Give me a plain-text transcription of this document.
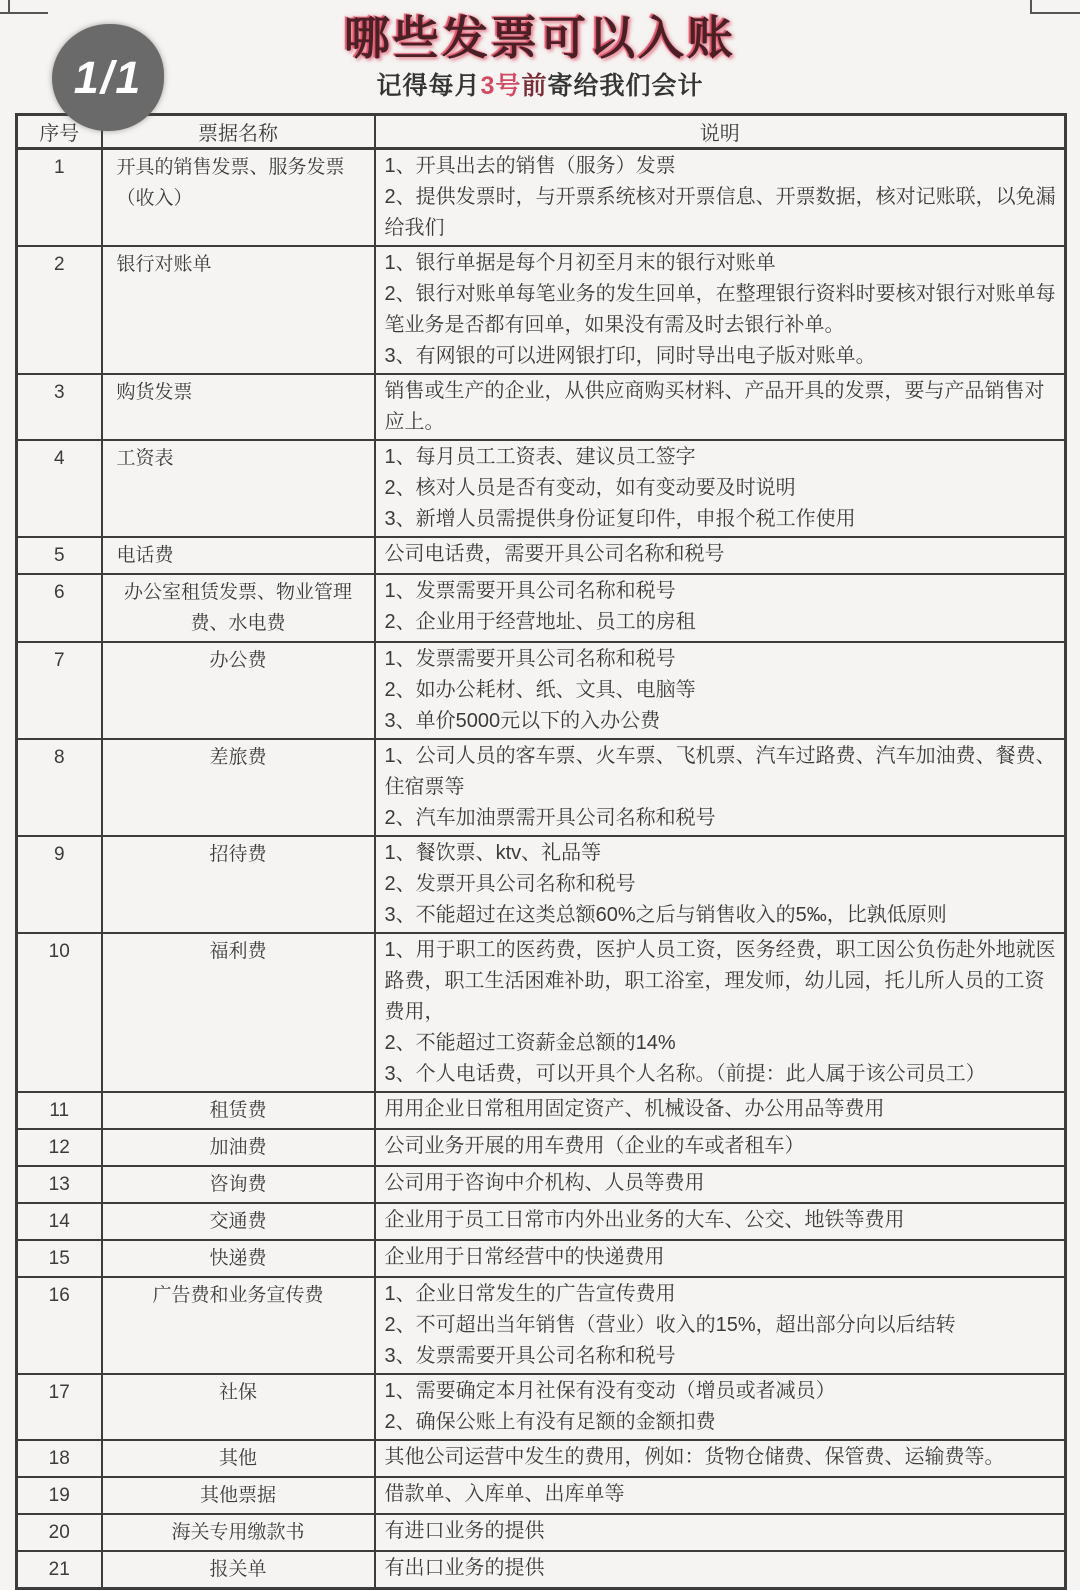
1/1
哪些发票可以入账
记得每月3号前寄给我们会计
序号	票据名称	说明
1	开具的销售发票、服务发票（收入）	1、开具出去的销售（服务）发票
2、提供发票时，与开票系统核对开票信息、开票数据，核对记账联，以免漏给我们

2	银行对账单	1、银行单据是每个月初至月末的银行对账单
2、银行对账单每笔业务的发生回单，在整理银行资料时要核对银行对账单每笔业务是否都有回单，如果没有需及时去银行补单。
3、有网银的可以进网银打印，同时导出电子版对账单。

3	购货发票	销售或生产的企业，从供应商购买材料、产品开具的发票，要与产品销售对应上。

4	工资表	1、每月员工工资表、建议员工签字
2、核对人员是否有变动，如有变动要及时说明
3、新增人员需提供身份证复印件，申报个税工作使用

5	电话费	公司电话费，需要开具公司名称和税号

6	办公室租赁发票、物业管理费、水电费	1、发票需要开具公司名称和税号
2、企业用于经营地址、员工的房租

7	办公费	1、发票需要开具公司名称和税号
2、如办公耗材、纸、文具、电脑等
3、单价5000元以下的入办公费

8	差旅费	1、公司人员的客车票、火车票、飞机票、汽车过路费、汽车加油费、餐费、住宿票等
2、汽车加油票需开具公司名称和税号

9	招待费	1、餐饮票、ktv、礼品等
2、发票开具公司名称和税号
3、不能超过在这类总额60%之后与销售收入的5‰，比孰低原则

10	福利费	1、用于职工的医药费，医护人员工资，医务经费，职工因公负伤赴外地就医路费，职工生活困难补助，职工浴室，理发师，幼儿园，托儿所人员的工资费用，
2、不能超过工资薪金总额的14%
3、个人电话费，可以开具个人名称。（前提：此人属于该公司员工）

11	租赁费	用用企业日常租用固定资产、机械设备、办公用品等费用

12	加油费	公司业务开展的用车费用（企业的车或者租车）

13	咨询费	公司用于咨询中介机构、人员等费用

14	交通费	企业用于员工日常市内外出业务的大车、公交、地铁等费用

15	快递费	企业用于日常经营中的快递费用

16	广告费和业务宣传费	1、企业日常发生的广告宣传费用
2、不可超出当年销售（营业）收入的15%，超出部分向以后结转
3、发票需要开具公司名称和税号

17	社保	1、需要确定本月社保有没有变动（增员或者减员）
2、确保公账上有没有足额的金额扣费

18	其他	其他公司运营中发生的费用，例如：货物仓储费、保管费、运输费等。

19	其他票据	借款单、入库单、出库单等

20	海关专用缴款书	有进口业务的提供

21	报关单	有出口业务的提供
